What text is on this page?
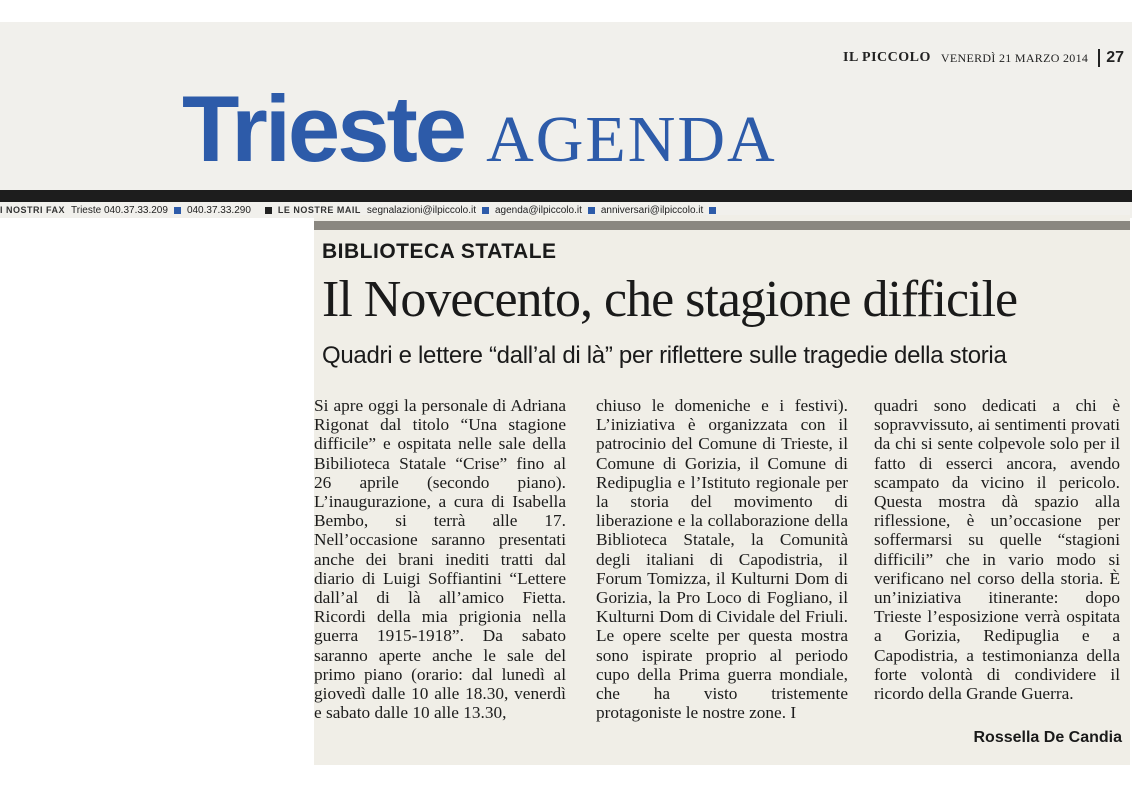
IL PICCOLO VENERDÌ 21 MARZO 2014	27
Trieste AGENDA
I NOSTRI FAX Trieste 040.37.33.209 040.37.33.290	LE NOSTRE MAIL segnalazioni@ilpiccolo.it agenda@ilpiccolo.it anniversari@ilpiccolo.it
BIBLIOTECA STATALE
Il Novecento, che stagione difficile
Quadri e lettere “dall’al di là” per riflettere sulle tragedie della storia
Si apre oggi la personale di Adriana Rigonat dal titolo “Una stagione difficile” e ospitata nelle sale della Bibilioteca Statale “Crise” fino al 26 aprile (secondo piano). L’inaugurazione, a cura di Isabella Bembo, si terrà alle 17. Nell’occasione saranno presentati anche dei brani inediti tratti dal diario di Luigi Soffiantini “Lettere dall’al di là all’amico Fietta. Ricordi della mia prigionia nella guerra 1915-1918”. Da sabato saranno aperte anche le sale del primo piano (orario: dal lunedì al giovedì dalle 10 alle 18.30, venerdì e sabato dalle 10 alle 13.30,
chiuso le domeniche e i festivi). L’iniziativa è organizzata con il patrocinio del Comune di Trieste, il Comune di Gorizia, il Comune di Redipuglia e l’Istituto regionale per la storia del movimento di liberazione e la collaborazione della Biblioteca Statale, la Comunità degli italiani di Capodistria, il Forum Tomizza, il Kulturni Dom di Gorizia, la Pro Loco di Fogliano, il Kulturni Dom di Cividale del Friuli. Le opere scelte per questa mostra sono ispirate proprio al periodo cupo della Prima guerra mondiale, che ha visto tristemente protagoniste le nostre zone. I
quadri sono dedicati a chi è sopravvissuto, ai sentimenti provati da chi si sente colpevole solo per il fatto di esserci ancora, avendo scampato da vicino il pericolo. Questa mostra dà spazio alla riflessione, è un’occasione per soffermarsi su quelle “stagioni difficili” che in vario modo si verificano nel corso della storia. È un’iniziativa itinerante: dopo Trieste l’esposizione verrà ospitata a Gorizia, Redipuglia e a Capodistria, a testimonianza della forte volontà di condividere il ricordo della Grande Guerra.
Rossella De Candia
